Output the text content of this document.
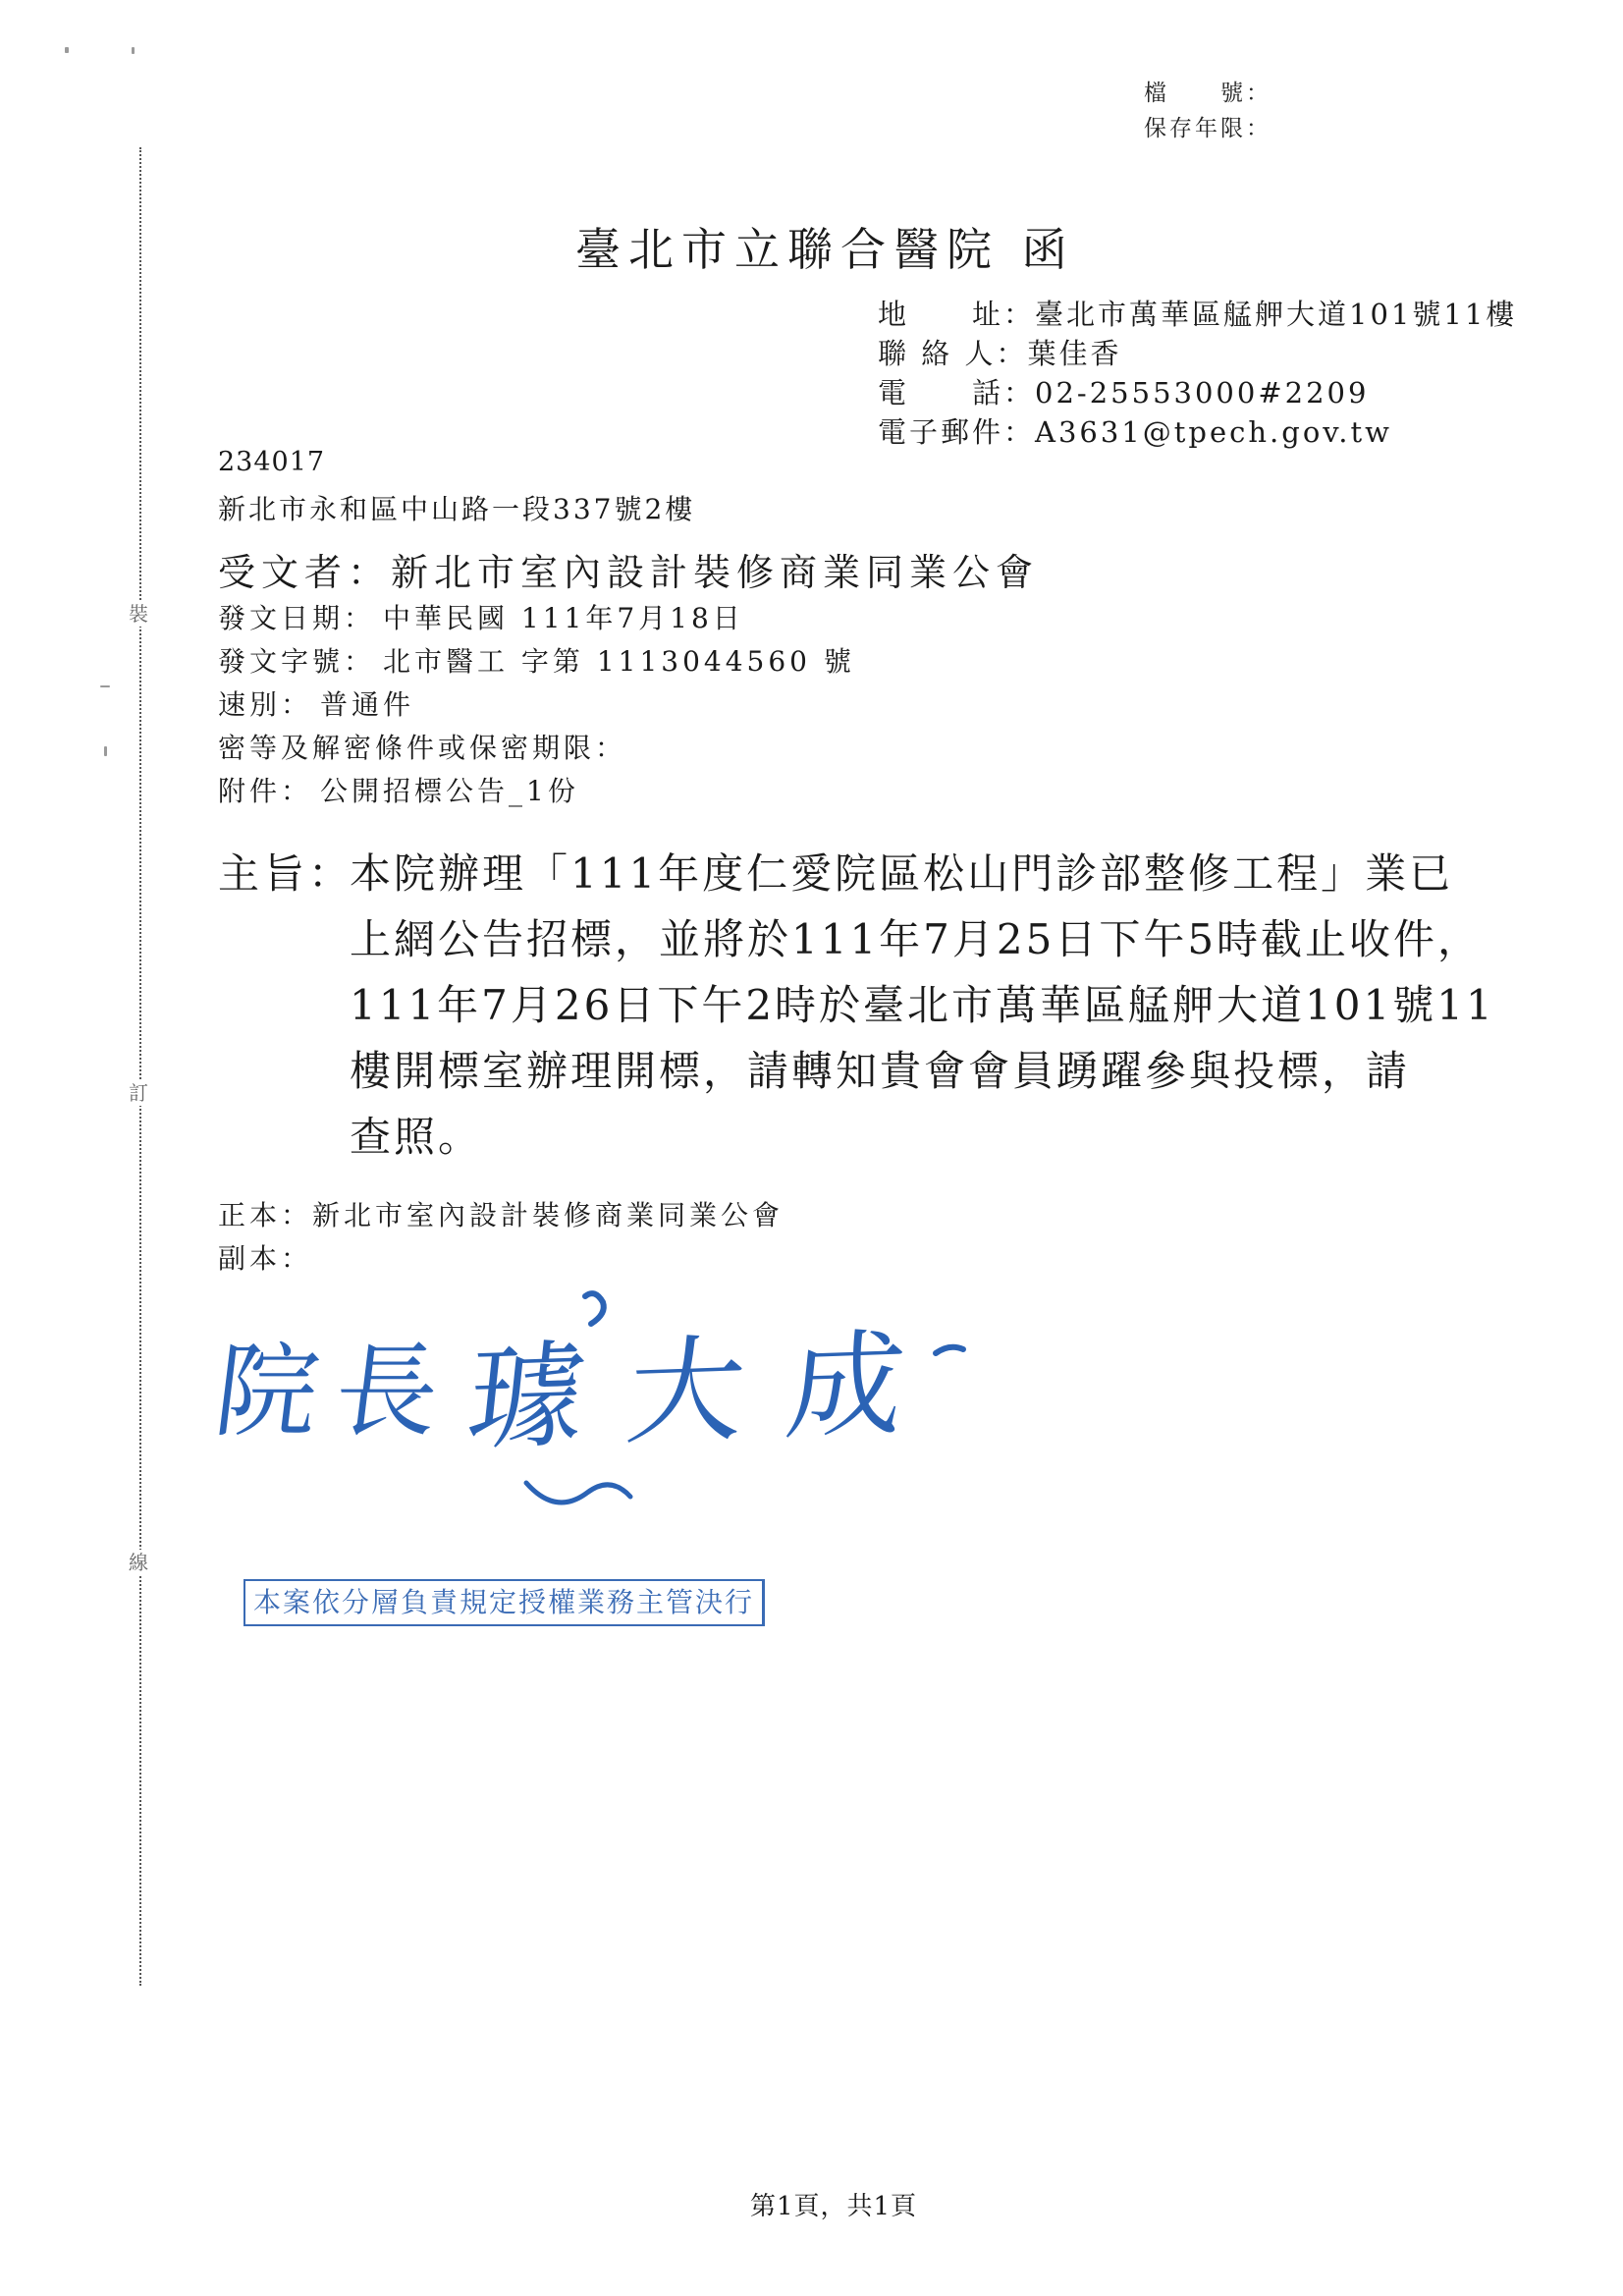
裝
訂
線
檔　　號：
保存年限：
臺北市立聯合醫院 函
地　　址：臺北市萬華區艋舺大道101號11樓
聯 絡 人：葉佳香
電　　話：02-25553000#2209
電子郵件：A3631@tpech.gov.tw
234017
新北市永和區中山路一段337號2樓
受文者：新北市室內設計裝修商業同業公會
發文日期： 中華民國 111年7月18日
發文字號： 北市醫工 字第 1113044560 號
速別： 普通件
密等及解密條件或保密期限：
附件： 公開招標公告_1份
主旨：
本院辦理「111年度仁愛院區松山門診部整修工程」業已
上網公告招標，並將於111年7月25日下午5時截止收件，
111年7月26日下午2時於臺北市萬華區艋舺大道101號11
樓開標室辦理開標，請轉知貴會會員踴躍參與投標，請
查照。
正本：新北市室內設計裝修商業同業公會
副本：
院長
璩大成
本案依分層負責規定授權業務主管決行
第1頁，共1頁
